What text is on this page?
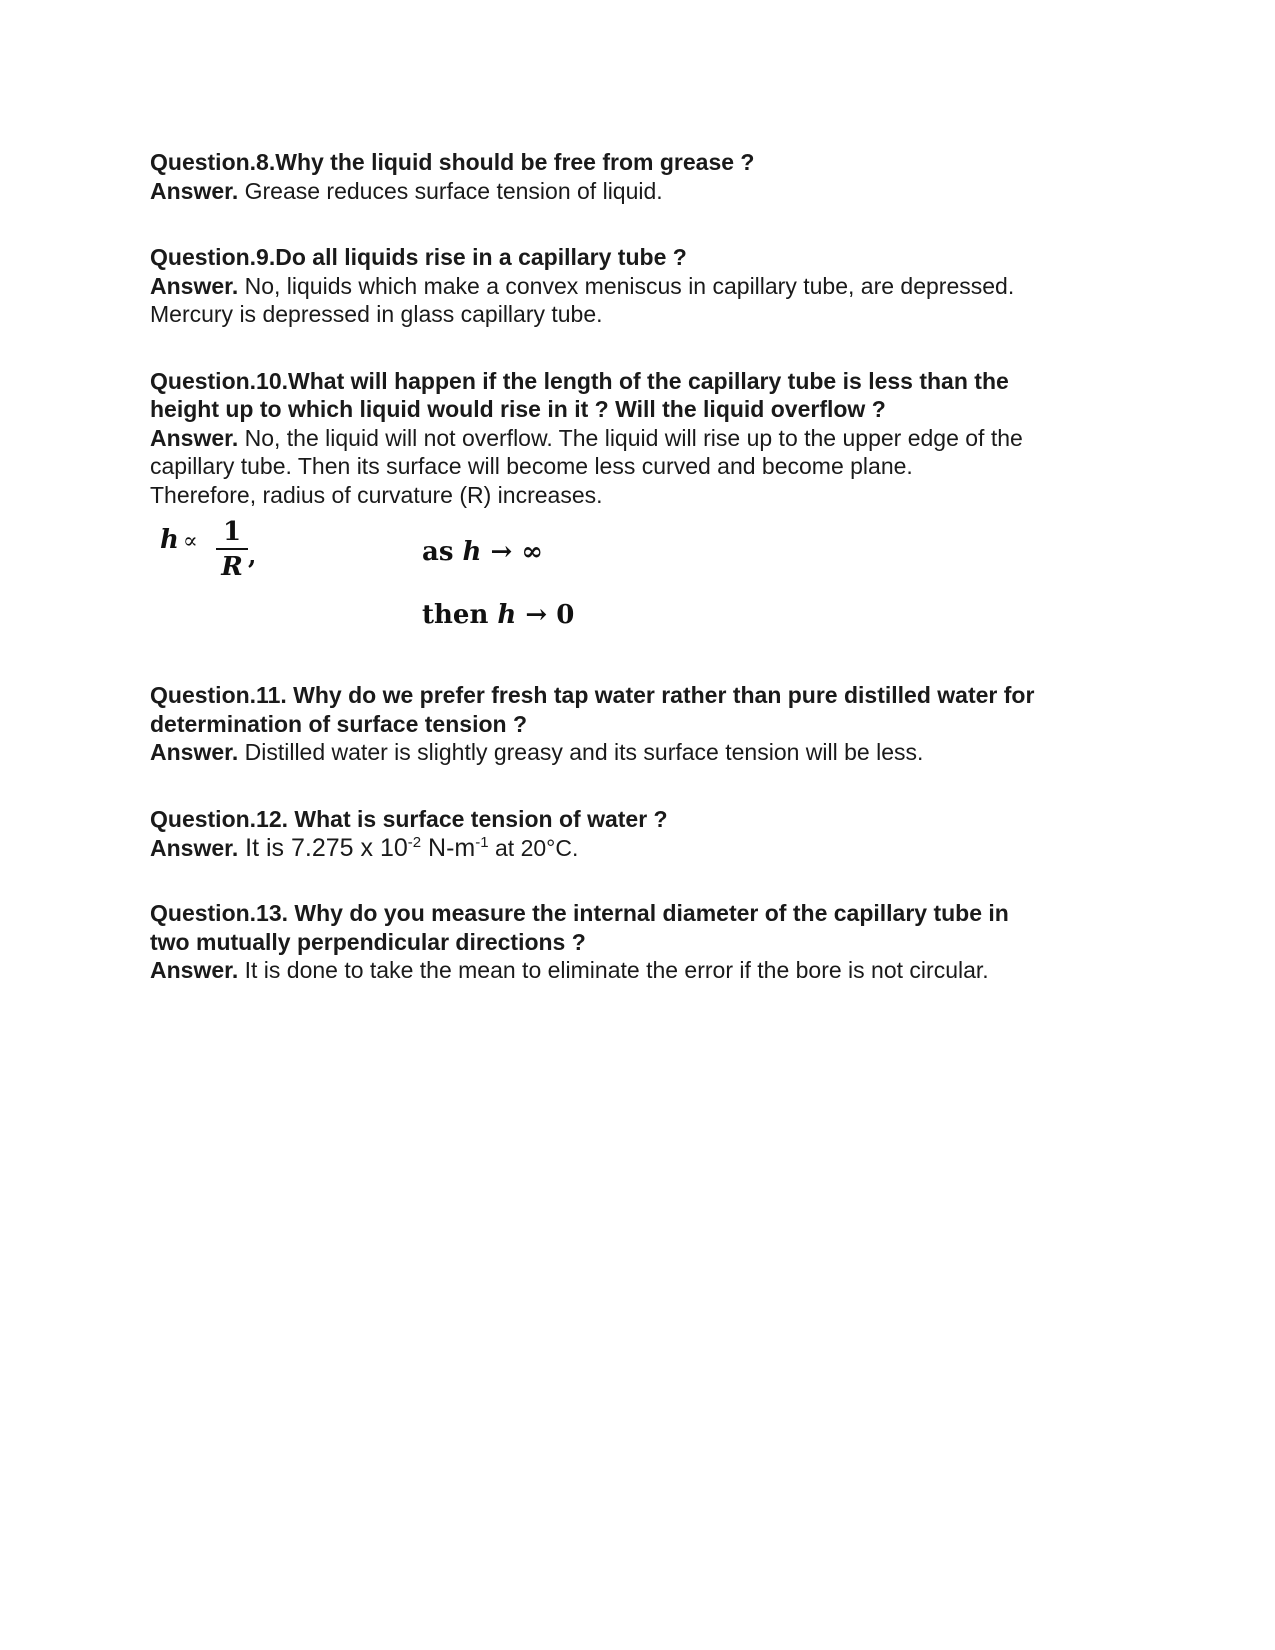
Question.8.Why the liquid should be free from grease ?

Answer. Grease reduces surface tension of liquid.

Question.9.Do all liquids rise in a capillary tube ?

Answer. No, liquids which make a convex meniscus in capillary tube, are depressed.

Mercury is depressed in glass capillary tube.

Question.10.What will happen if the length of the capillary tube is less than the

height up to which liquid would rise in it ? Will the liquid overflow ?

Answer. No, the liquid will not overflow. The liquid will rise up to the upper edge of the

capillary tube. Then its surface will become less curved and become plane.

Therefore, radius of curvature (R) increases.

h ∝ 1
R ,	as h → ∞
then h → 0

Question.11. Why do we prefer fresh tap water rather than pure distilled water for

determination of surface tension ?

Answer. Distilled water is slightly greasy and its surface tension will be less.

Question.12. What is surface tension of water ?

Answer. It is 7.275 x $10^{-2}$ $N-m^{-1}$ at 20°C.

Question.13. Why do you measure the internal diameter of the capillary tube in

two mutually perpendicular directions ?

Answer. It is done to take the mean to eliminate the error if the bore is not circular.
